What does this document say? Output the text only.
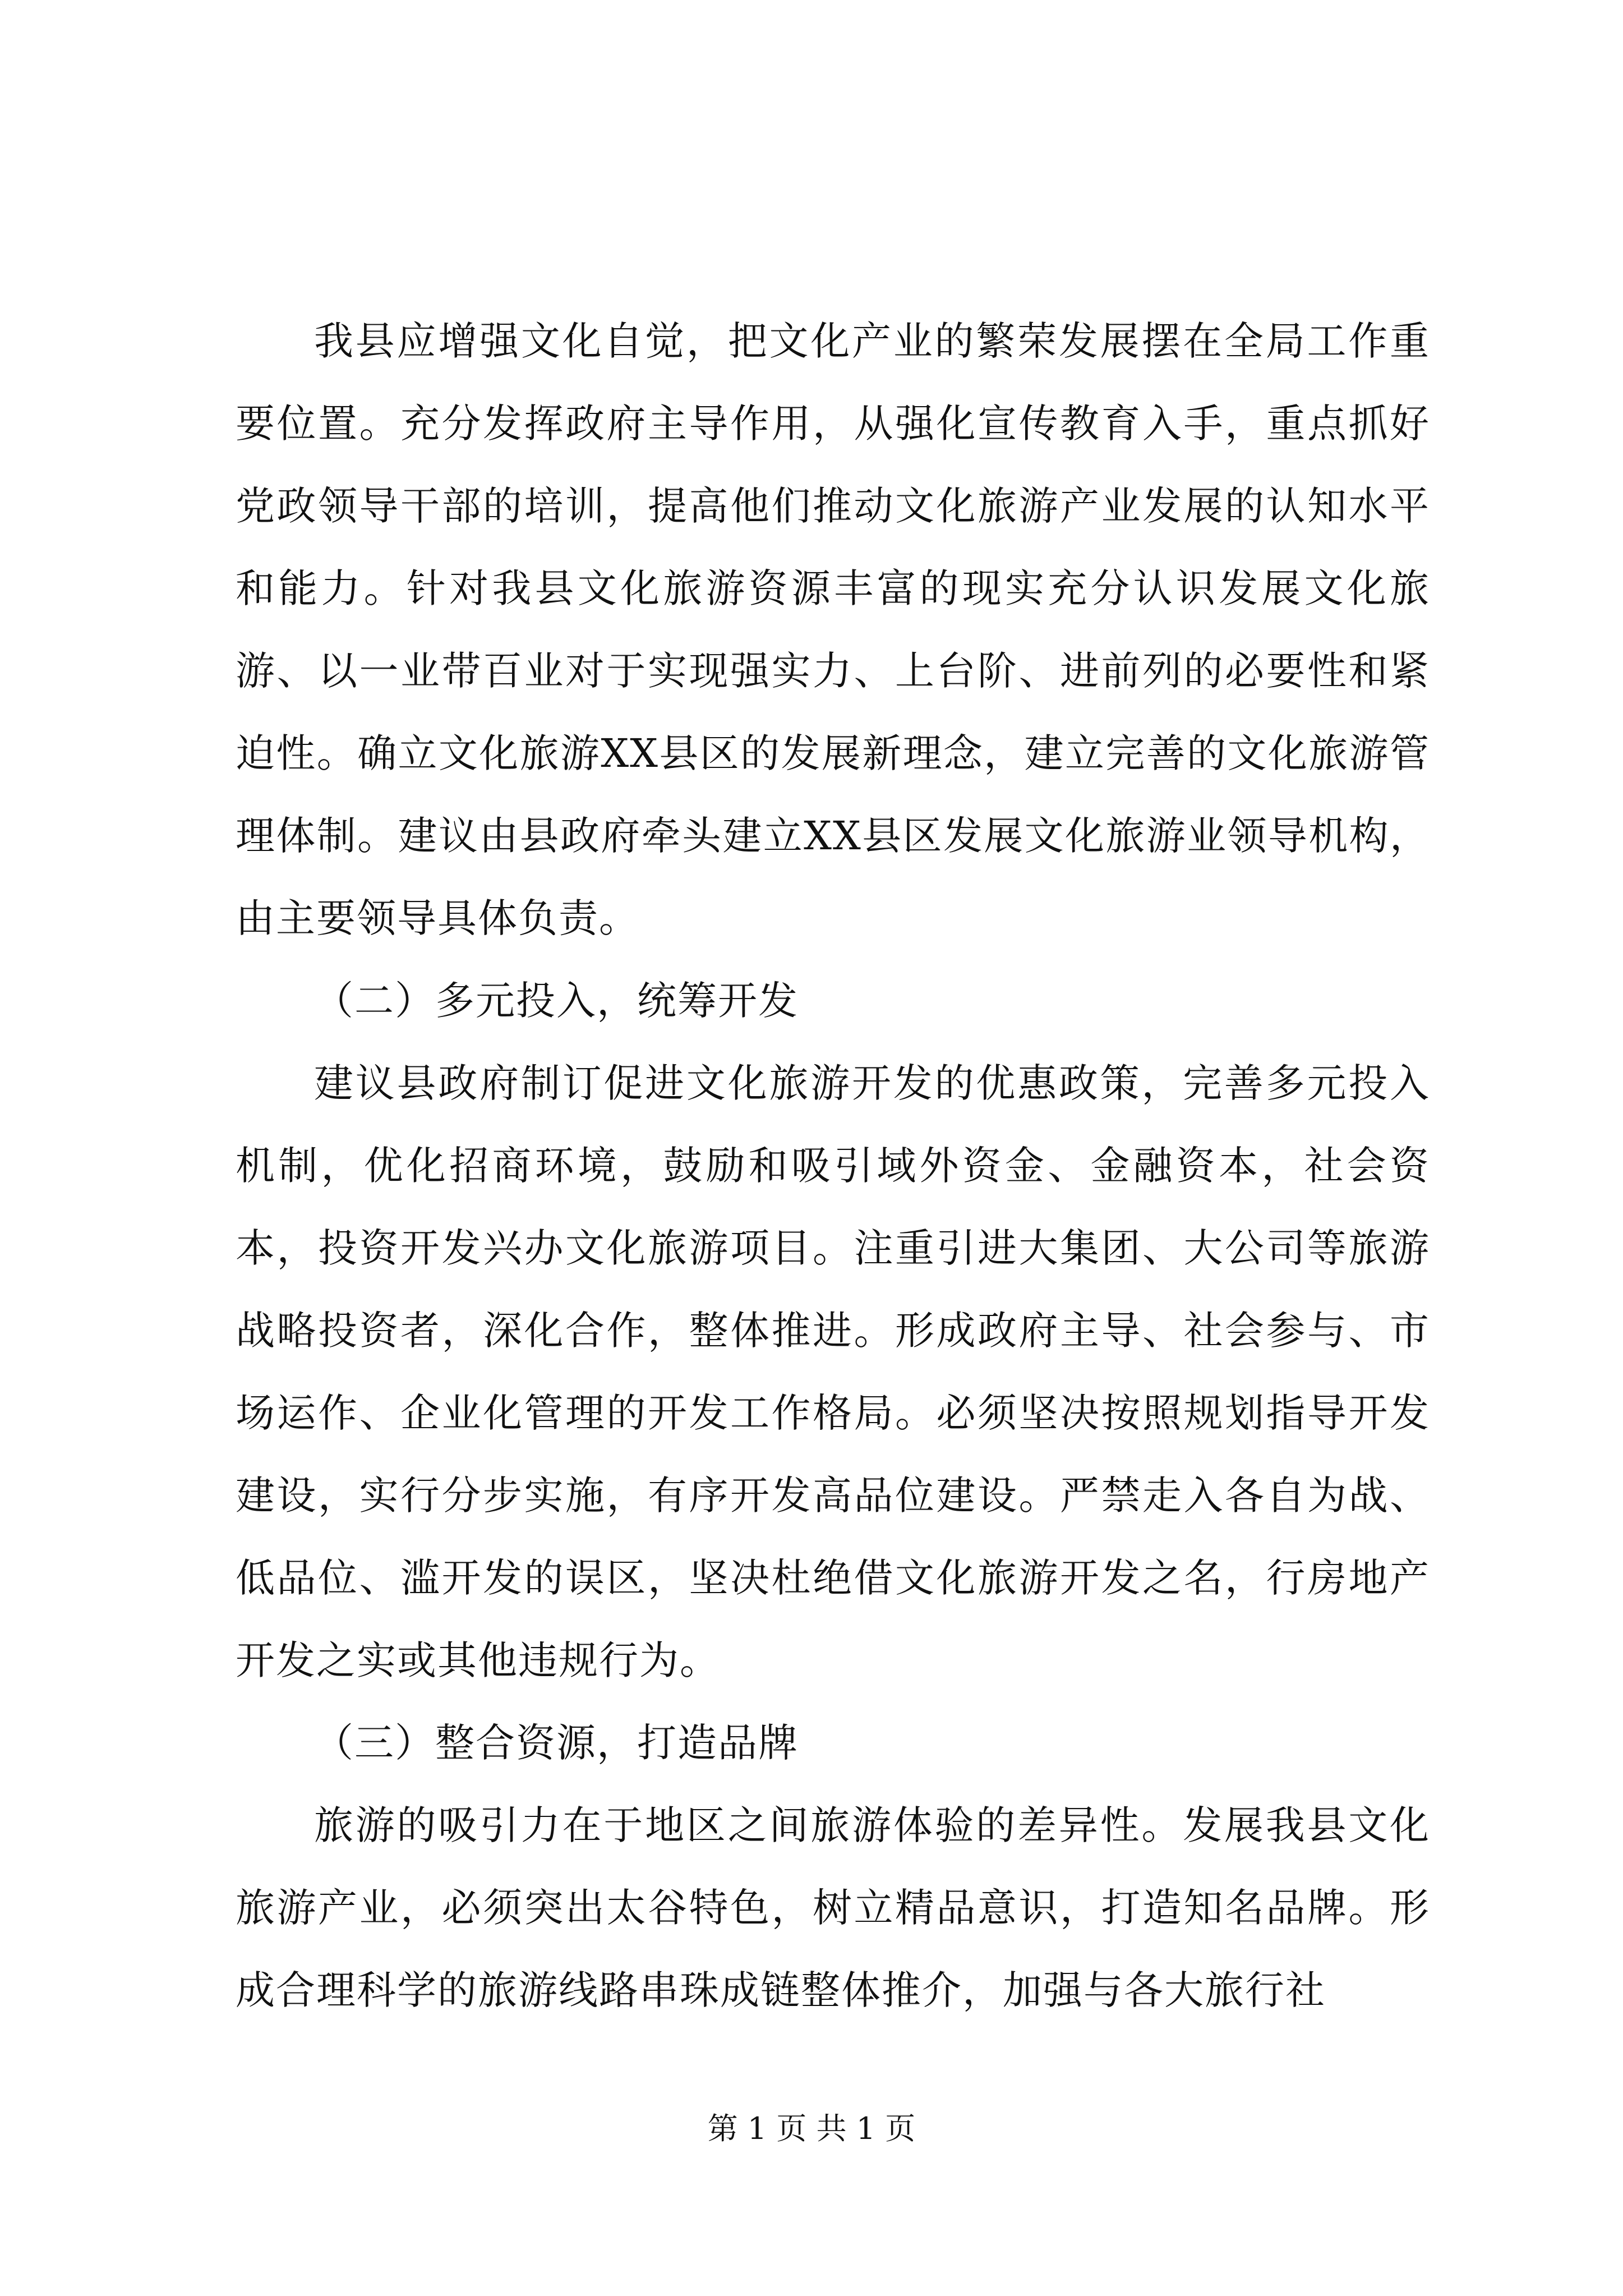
我县应增强文化自觉，把文化产业的繁荣发展摆在全局工作重要位置。充分发挥政府主导作用，从强化宣传教育入手，重点抓好党政领导干部的培训，提高他们推动文化旅游产业发展的认知水平和能力。针对我县文化旅游资源丰富的现实充分认识发展文化旅游、以一业带百业对于实现强实力、上台阶、进前列的必要性和紧迫性。确立文化旅游XX县区的发展新理念，建立完善的文化旅游管理体制。建议由县政府牵头建立XX县区发展文化旅游业领导机构，由主要领导具体负责。

（二）多元投入，统筹开发

建议县政府制订促进文化旅游开发的优惠政策，完善多元投入机制，优化招商环境，鼓励和吸引域外资金、金融资本，社会资本，投资开发兴办文化旅游项目。注重引进大集团、大公司等旅游战略投资者，深化合作，整体推进。形成政府主导、社会参与、市场运作、企业化管理的开发工作格局。必须坚决按照规划指导开发建设，实行分步实施，有序开发高品位建设。严禁走入各自为战、低品位、滥开发的误区，坚决杜绝借文化旅游开发之名，行房地产开发之实或其他违规行为。

（三）整合资源，打造品牌

旅游的吸引力在于地区之间旅游体验的差异性。发展我县文化旅游产业，必须突出太谷特色，树立精品意识，打造知名品牌。形成合理科学的旅游线路串珠成链整体推介，加强与各大旅行社

第 1 页 共 1 页
